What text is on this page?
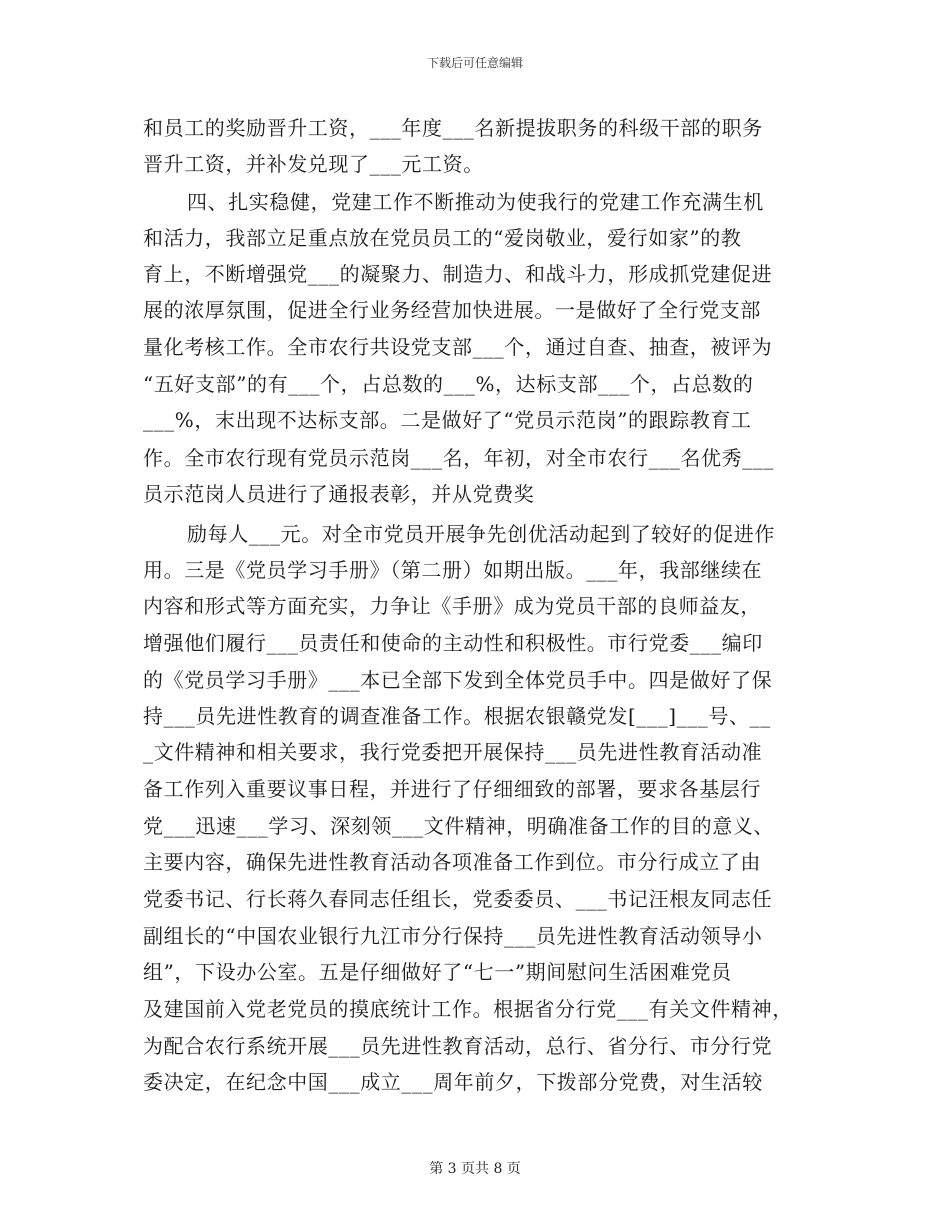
下载后可任意编辑
和员工的奖励晋升工资，___年度___名新提拔职务的科级干部的职务
晋升工资，并补发兑现了___元工资。
四、扎实稳健，党建工作不断推动为使我行的党建工作充满生机
和活力，我部立足重点放在党员员工的“爱岗敬业，爱行如家”的教
育上，不断增强党___的凝聚力、制造力、和战斗力，形成抓党建促进
展的浓厚氛围，促进全行业务经营加快进展。一是做好了全行党支部
量化考核工作。全市农行共设党支部___个，通过自查、抽查，被评为
“五好支部”的有___个，占总数的___%，达标支部___个，占总数的
___%，末出现不达标支部。二是做好了“党员示范岗”的跟踪教育工
作。全市农行现有党员示范岗___名，年初，对全市农行___名优秀___
员示范岗人员进行了通报表彰，并从党费奖
励每人___元。对全市党员开展争先创优活动起到了较好的促进作
用。三是《党员学习手册》（第二册）如期出版。___年，我部继续在
内容和形式等方面充实，力争让《手册》成为党员干部的良师益友，
增强他们履行___员责任和使命的主动性和积极性。市行党委___编印
的《党员学习手册》___本已全部下发到全体党员手中。四是做好了保
持___员先进性教育的调查准备工作。根据农银赣党发[___]___号、__
_文件精神和相关要求，我行党委把开展保持___员先进性教育活动准
备工作列入重要议事日程，并进行了仔细细致的部署，要求各基层行
党___迅速___学习、深刻领___文件精神，明确准备工作的目的意义、
主要内容，确保先进性教育活动各项准备工作到位。市分行成立了由
党委书记、行长蒋久春同志任组长，党委委员、___书记汪根友同志任
副组长的“中国农业银行九江市分行保持___员先进性教育活动领导小
组”，下设办公室。五是仔细做好了“七一”期间慰问生活困难党员
及建国前入党老党员的摸底统计工作。根据省分行党___有关文件精神，
为配合农行系统开展___员先进性教育活动，总行、省分行、市分行党
委决定，在纪念中国___成立___周年前夕，下拨部分党费，对生活较
第 3 页共 8 页
